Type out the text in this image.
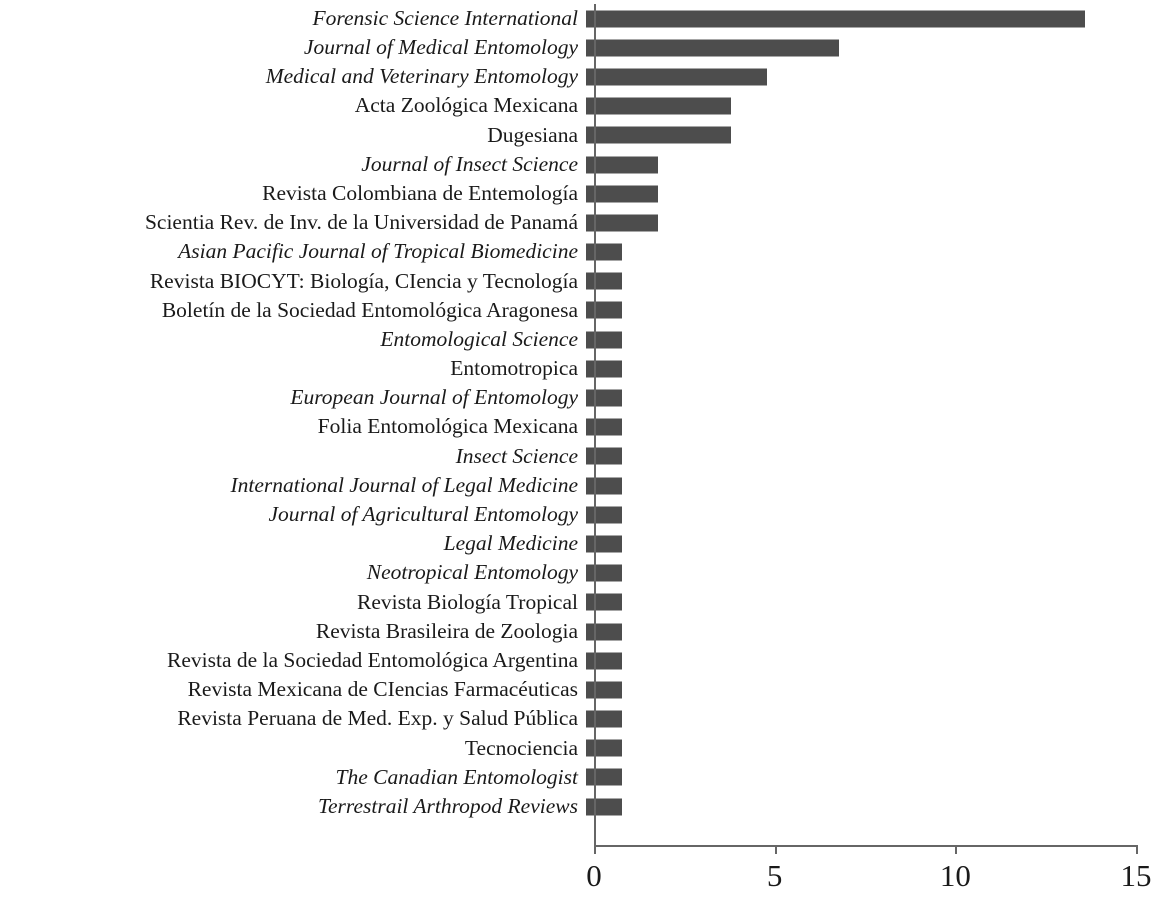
Forensic Science International
Journal of Medical Entomology
Medical and Veterinary Entomology
Acta Zoológica Mexicana
Dugesiana
Journal of Insect Science
Revista Colombiana de Entemología
Scientia Rev. de Inv. de la Universidad de Panamá
Asian Pacific Journal of Tropical Biomedicine
Revista BIOCYT: Biología, CIencia y Tecnología
Boletín de la Sociedad Entomológica Aragonesa
Entomological Science
Entomotropica
European Journal of Entomology
Folia Entomológica Mexicana
Insect Science
International Journal of Legal Medicine
Journal of Agricultural Entomology
Legal Medicine
Neotropical Entomology
Revista Biología Tropical
Revista Brasileira de Zoologia
Revista de la Sociedad Entomológica Argentina
Revista Mexicana de CIencias Farmacéuticas
Revista Peruana de Med. Exp. y Salud Pública
Tecnociencia
The Canadian Entomologist
Terrestrail Arthropod Reviews
0	5	10	15
